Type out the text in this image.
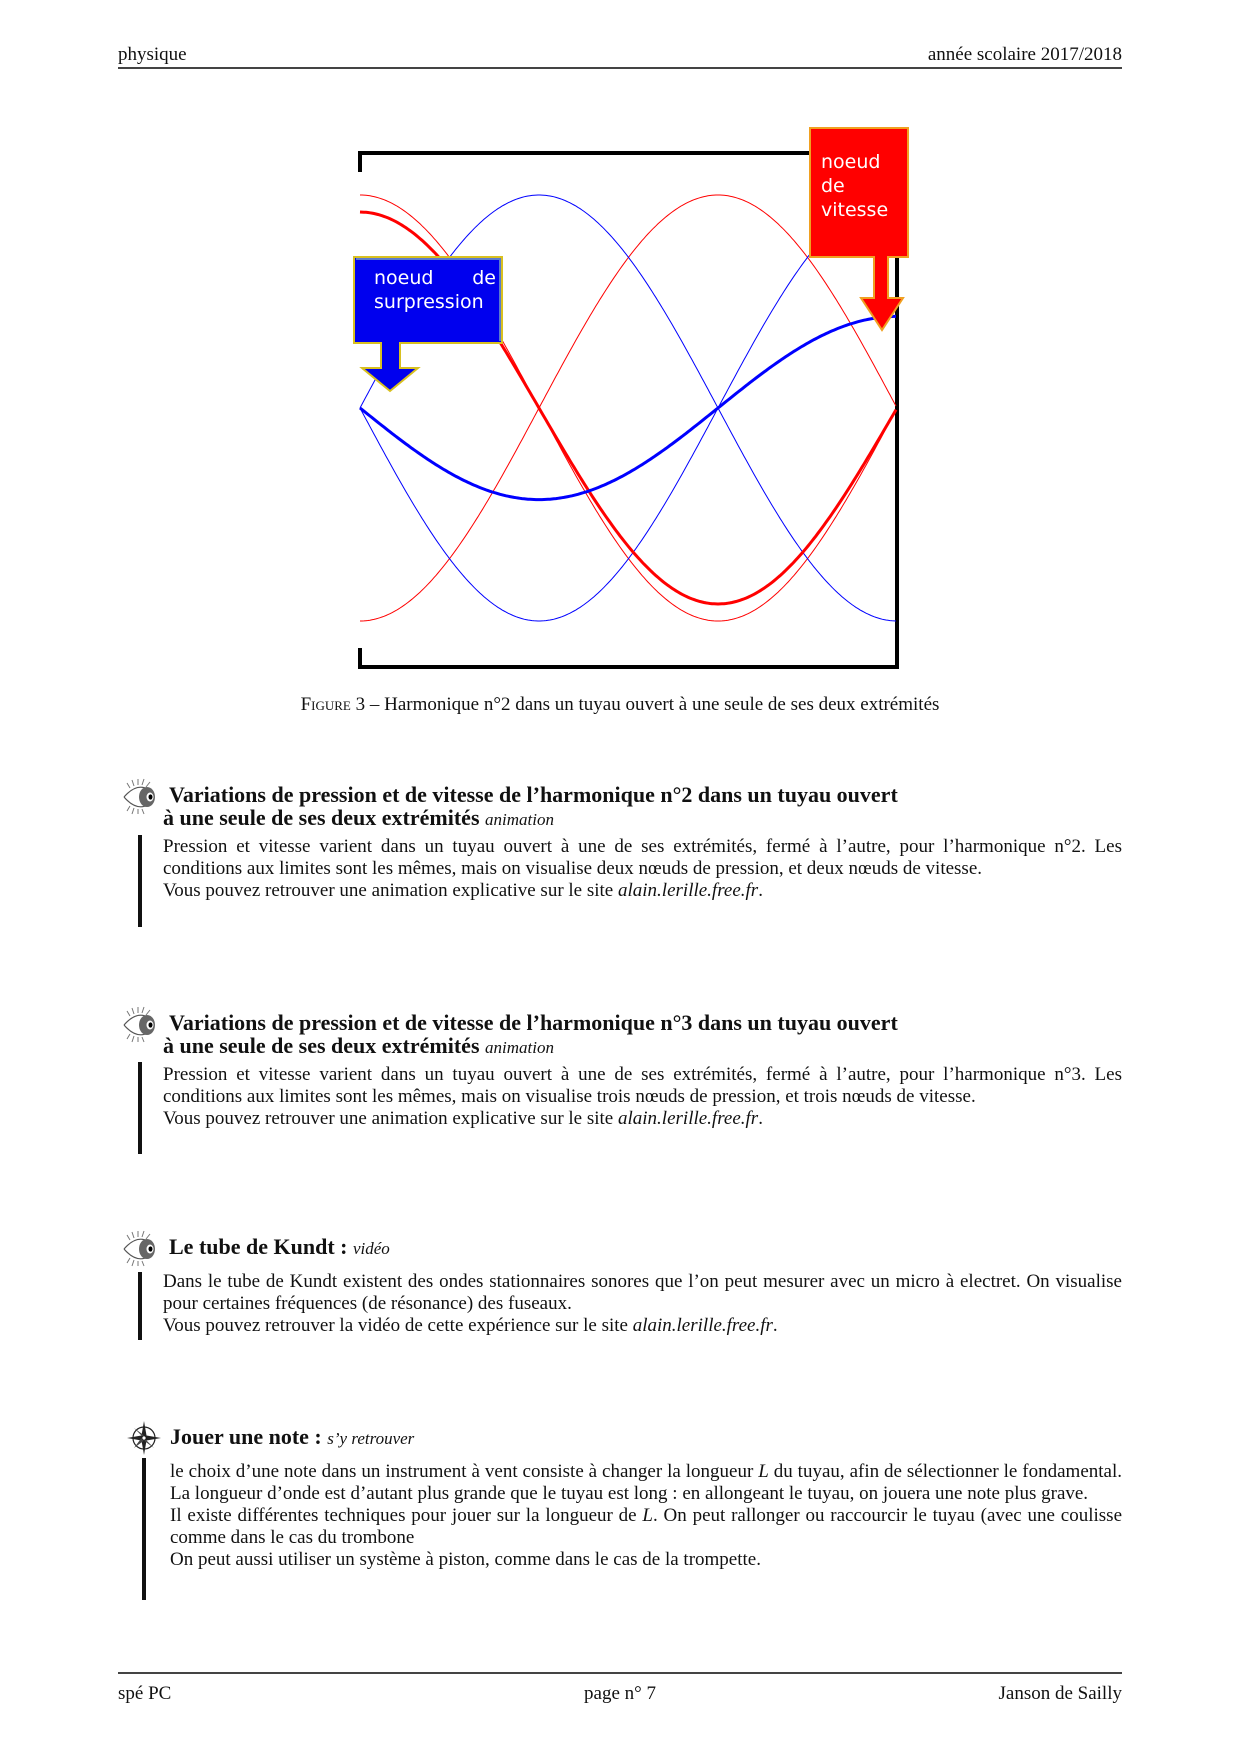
physique	année scolaire 2017/2018
noeud de
surpression
noeud
de
vitesse
Figure 3 – Harmonique n°2 dans un tuyau ouvert à une seule de ses deux extrémités
Variations de pression et de vitesse de l’harmonique n°2 dans un tuyau ouvert
à une seule de ses deux extrémités animation

Pression et vitesse varient dans un tuyau ouvert à une de ses extrémités, fermé à l’autre, pour l’harmonique n°2. Les conditions aux limites sont les mêmes, mais on visualise deux nœuds de pression, et deux nœuds de vitesse.

Vous pouvez retrouver une animation explicative sur le site alain.lerille.free.fr.

Variations de pression et de vitesse de l’harmonique n°3 dans un tuyau ouvert
à une seule de ses deux extrémités animation

Pression et vitesse varient dans un tuyau ouvert à une de ses extrémités, fermé à l’autre, pour l’harmonique n°3. Les conditions aux limites sont les mêmes, mais on visualise trois nœuds de pression, et trois nœuds de vitesse.

Vous pouvez retrouver une animation explicative sur le site alain.lerille.free.fr.

Le tube de Kundt : vidéo

Dans le tube de Kundt existent des ondes stationnaires sonores que l’on peut mesurer avec un micro à electret. On visualise pour certaines fréquences (de résonance) des fuseaux.

Vous pouvez retrouver la vidéo de cette expérience sur le site alain.lerille.free.fr.

Jouer une note : s’y retrouver

le choix d’une note dans un instrument à vent consiste à changer la longueur L du tuyau, afin de sélectionner le fondamental. La longueur d’onde est d’autant plus grande que le tuyau est long : en allongeant le tuyau, on jouera une note plus grave.

Il existe différentes techniques pour jouer sur la longueur de L. On peut rallonger ou raccourcir le tuyau (avec une coulisse comme dans le cas du trombone

On peut aussi utiliser un système à piston, comme dans le cas de la trompette.

spé PC	page n° 7	Janson de Sailly
